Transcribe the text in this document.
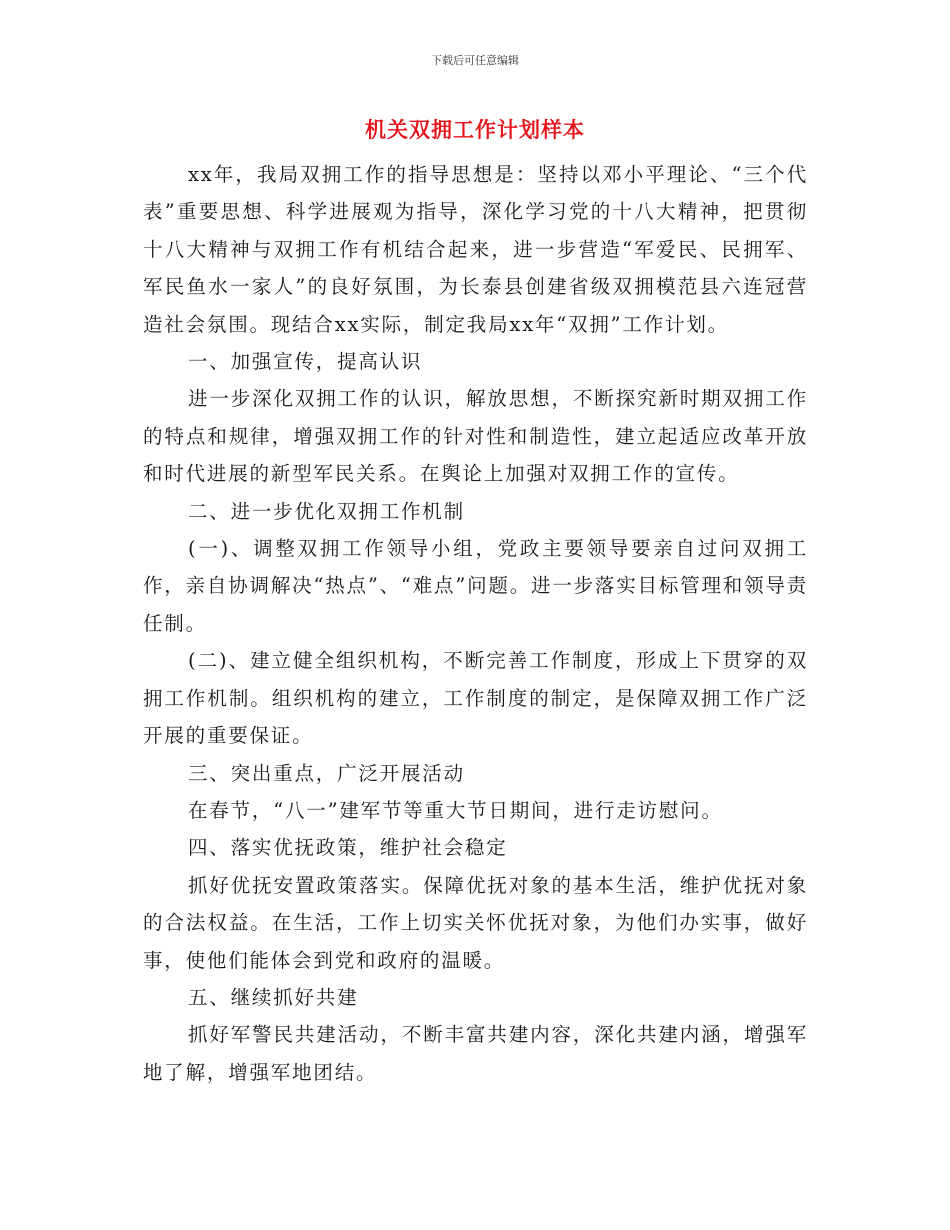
下载后可任意编辑
机关双拥工作计划样本

xx年，我局双拥工作的指导思想是：坚持以邓小平理论、“三个代表”重要思想、科学进展观为指导，深化学习党的十八大精神，把贯彻十八大精神与双拥工作有机结合起来，进一步营造“军爱民、民拥军、军民鱼水一家人”的良好氛围，为长泰县创建省级双拥模范县六连冠营造社会氛围。现结合xx实际，制定我局xx年“双拥”工作计划。

一、加强宣传，提高认识

进一步深化双拥工作的认识，解放思想，不断探究新时期双拥工作的特点和规律，增强双拥工作的针对性和制造性，建立起适应改革开放和时代进展的新型军民关系。在舆论上加强对双拥工作的宣传。

二、进一步优化双拥工作机制

(一)、调整双拥工作领导小组，党政主要领导要亲自过问双拥工作，亲自协调解决“热点”、“难点”问题。进一步落实目标管理和领导责任制。

(二)、建立健全组织机构，不断完善工作制度，形成上下贯穿的双拥工作机制。组织机构的建立，工作制度的制定，是保障双拥工作广泛开展的重要保证。

三、突出重点，广泛开展活动

在春节，“八一”建军节等重大节日期间，进行走访慰问。

四、落实优抚政策，维护社会稳定

抓好优抚安置政策落实。保障优抚对象的基本生活，维护优抚对象的合法权益。在生活，工作上切实关怀优抚对象，为他们办实事，做好事，使他们能体会到党和政府的温暖。

五、继续抓好共建

抓好军警民共建活动，不断丰富共建内容，深化共建内涵，增强军地了解，增强军地团结。
